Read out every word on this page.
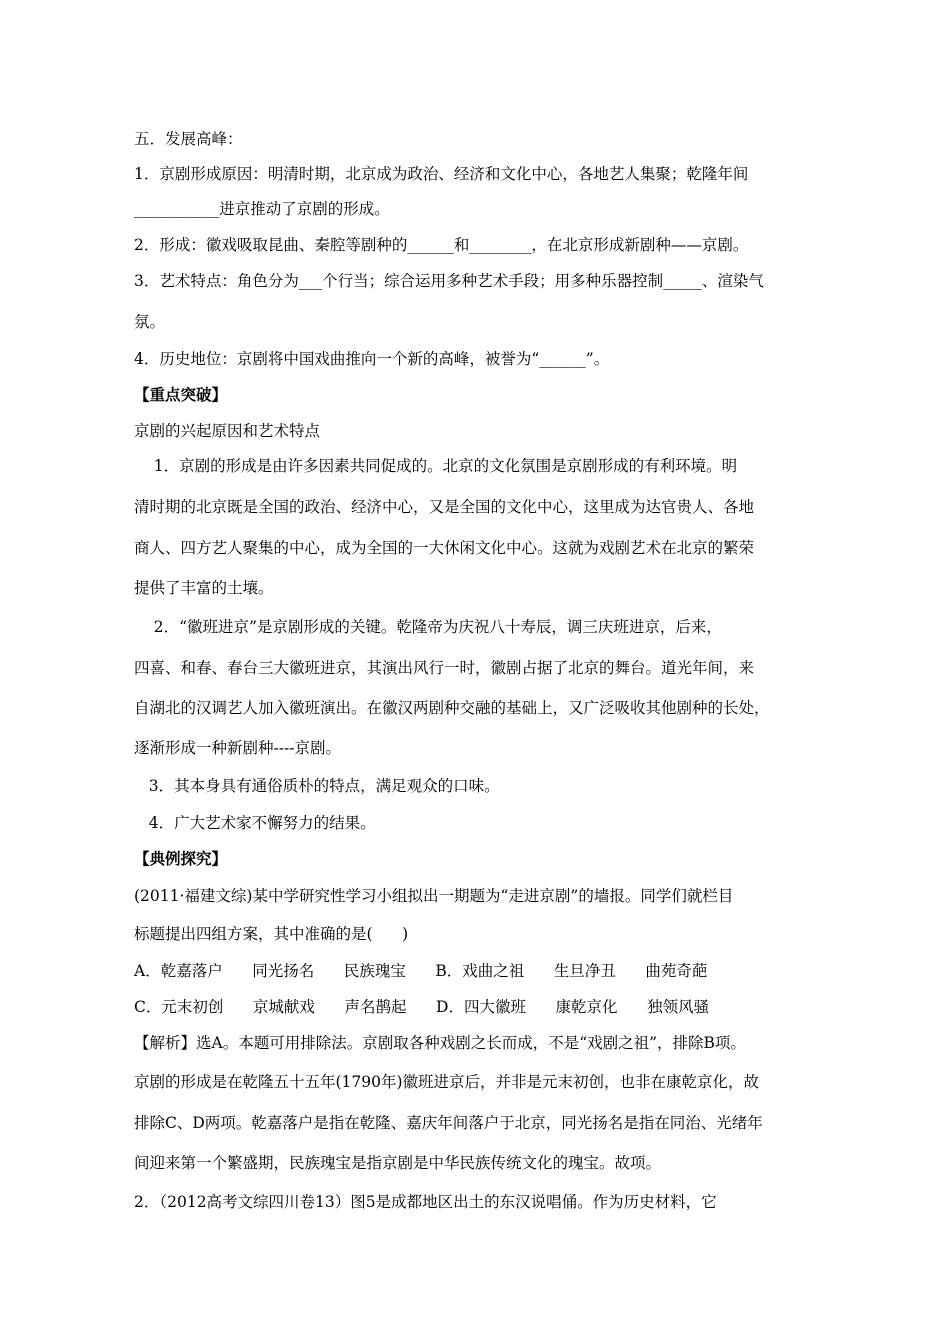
五．发展高峰：
1．京剧形成原因：明清时期，北京成为政治、经济和文化中心，各地艺人集聚；乾隆年间
___________进京推动了京剧的形成。
2．形成：徽戏吸取昆曲、秦腔等剧种的______和________，在北京形成新剧种——京剧。
3．艺术特点：角色分为___个行当；综合运用多种艺术手段；用多种乐器控制_____、渲染气
氛。
4．历史地位：京剧将中国戏曲推向一个新的高峰，被誉为“______”。
【重点突破】
京剧的兴起原因和艺术特点
1．京剧的形成是由许多因素共同促成的。北京的文化氛围是京剧形成的有利环境。明
清时期的北京既是全国的政治、经济中心，又是全国的文化中心，这里成为达官贵人、各地
商人、四方艺人聚集的中心，成为全国的一大休闲文化中心。这就为戏剧艺术在北京的繁荣
提供了丰富的土壤。
2．“徽班进京”是京剧形成的关键。乾隆帝为庆祝八十寿辰，调三庆班进京，后来，
四喜、和春、春台三大徽班进京，其演出风行一时，徽剧占据了北京的舞台。道光年间，来
自湖北的汉调艺人加入徽班演出。在徽汉两剧种交融的基础上，又广泛吸收其他剧种的长处，
逐渐形成一种新剧种----京剧。
3．其本身具有通俗质朴的特点，满足观众的口味。
4．广大艺术家不懈努力的结果。
【典例探究】
(2011·福建文综)某中学研究性学习小组拟出一期题为“走进京剧”的墙报。同学们就栏目
标题提出四组方案，其中准确的是(      )
A．乾嘉落户      同光扬名      民族瑰宝      B．戏曲之祖      生旦净丑      曲苑奇葩
C．元末初创      京城献戏      声名鹊起      D．四大徽班      康乾京化      独领风骚
【解析】选A。本题可用排除法。京剧取各种戏剧之长而成，不是“戏剧之祖”，排除B项。
京剧的形成是在乾隆五十五年(1790年)徽班进京后，并非是元末初创，也非在康乾京化，故
排除C、D两项。乾嘉落户是指在乾隆、嘉庆年间落户于北京，同光扬名是指在同治、光绪年
间迎来第一个繁盛期，民族瑰宝是指京剧是中华民族传统文化的瑰宝。故项。
2．（2012高考文综四川卷13）图5是成都地区出土的东汉说唱俑。作为历史材料，它
